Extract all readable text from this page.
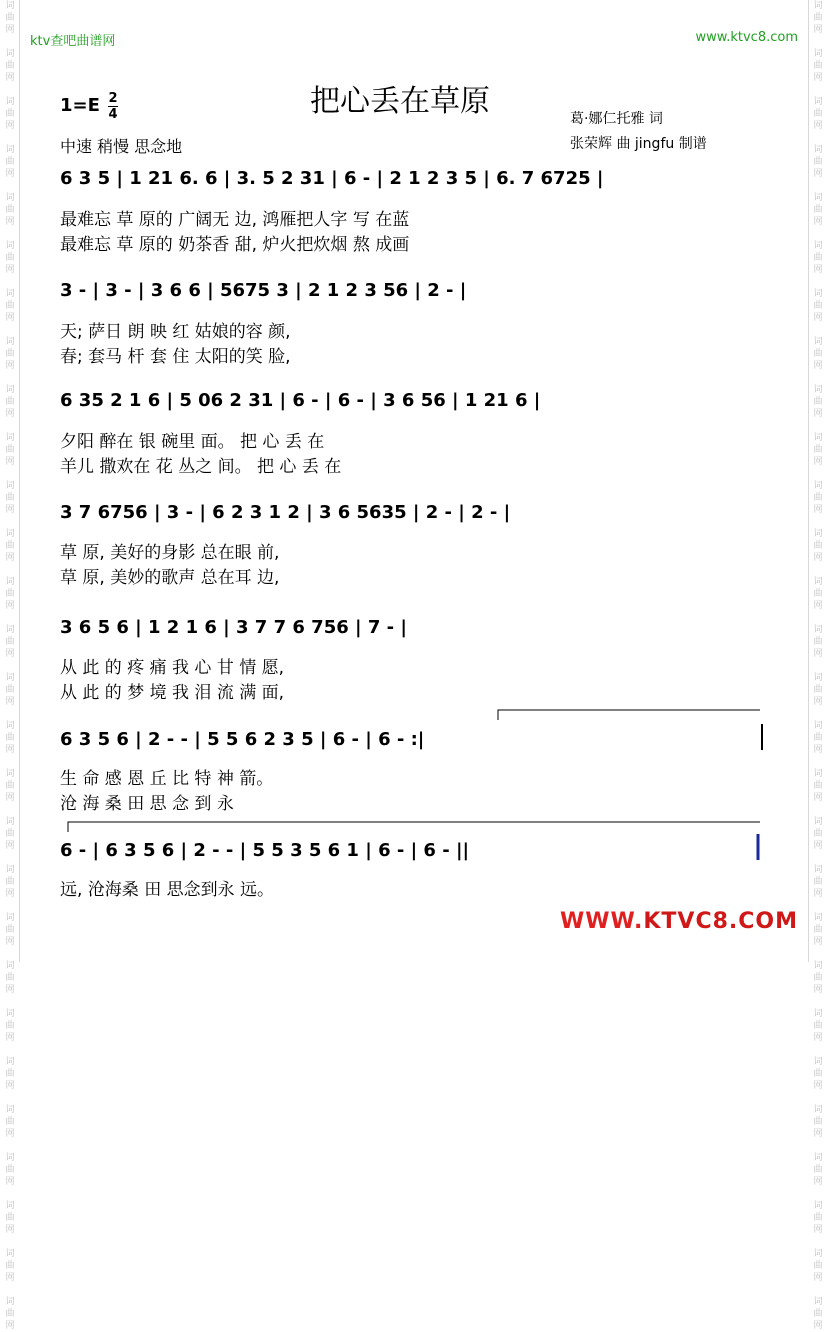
词
曲
网
词
曲
网
词
曲
网
词
曲
网
词
曲
网
词
曲
网
词
曲
网
词
曲
网
词
曲
网
词
曲
网
词
曲
网
词
曲
网
词
曲
网
词
曲
网
词
曲
网
词
曲
网
词
曲
网
词
曲
网
词
曲
网
词
曲
网
词
曲
网
词
曲
网
词
曲
网
词
曲
网
词
曲
网
词
曲
网
词
曲
网
词
曲
网
词
曲
网
词
曲
网
词
曲
网
词
曲
网
词
曲
网
词
曲
网
词
曲
网
词
曲
网
词
曲
网
词
曲
网
词
曲
网
词
曲
网
词
曲
网
词
曲
网
词
曲
网
词
曲
网
词
曲
网
词
曲
网
词
曲
网
词
曲
网
词
曲
网
词
曲
网
词
曲
网
词
曲
网
词
曲
网
词
曲
网
词
曲
网
词
曲
网
ktv查吧曲谱网	www.ktvc8.com
把心丢在草原
1=E 2
4
中速 稍慢 思念地
葛·娜仁托雅 词
张荣辉 曲 jingfu 制谱
6 3 5 | 1 21 6. 6 | 3. 5 2 31 | 6 - | 2 1 2 3 5 | 6. 7 6725 |
最难忘 草 原的 广阔无 边, 鸿雁把人字 写 在蓝
最难忘 草 原的 奶茶香 甜, 炉火把炊烟 熬 成画
3 - | 3 - | 3 6 6 | 5675 3 | 2 1 2 3 56 | 2 - |
天; 萨日 朗 映 红 姑娘的容 颜,
春; 套马 杆 套 住 太阳的笑 脸,
6 35 2 1 6 | 5 06 2 31 | 6 - | 6 - | 3 6 56 | 1 21 6 |
夕阳 醉在 银 碗里 面。 把 心 丢 在
羊儿 撒欢在 花 丛之 间。 把 心 丢 在
3 7 6756 | 3 - | 6 2 3 1 2 | 3 6 5635 | 2 - | 2 - |
草 原, 美好的身影 总在眼 前,
草 原, 美妙的歌声 总在耳 边,
3 6 5 6 | 1 2 1 6 | 3 7 7 6 756 | 7 - |
从 此 的 疼 痛 我 心 甘 情 愿,
从 此 的 梦 境 我 泪 流 满 面,
6 3 5 6 | 2 - - | 5 5 6 2 3 5 | 6 - | 6 - :|
生 命 感 恩 丘 比 特 神 箭。
沧 海 桑 田 思 念 到 永
6 - | 6 3 5 6 | 2 - - | 5 5 3 5 6 1 | 6 - | 6 - ||
远, 沧海桑 田 思念到永 远。
WWW.KTVC8.COM
